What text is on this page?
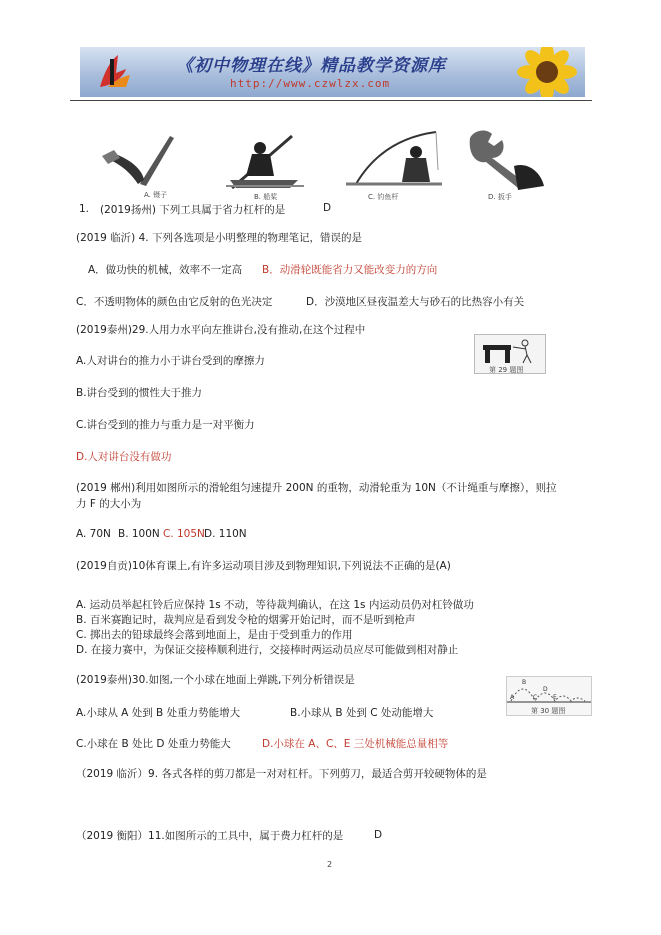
《初中物理在线》精品教学资源库
http://www.czwlzx.com
A. 镊子	B. 船桨	C. 钓鱼杆	D. 扳手
1. (2019扬州) 下列工具属于省力杠杆的是	D
(2019 临沂) 4. 下列各选项是小明整理的物理笔记，错误的是
A．做功快的机械，效率不一定高 B．动滑轮既能省力又能改变力的方向
C．不透明物体的颜色由它反射的色光决定	D．沙漠地区昼夜温差大与砂石的比热容小有关
(2019泰州)29.人用力水平向左推讲台,没有推动,在这个过程中
第 29 题图
A.人对讲台的推力小于讲台受到的摩擦力
B.讲台受到的惯性大于推力
C.讲台受到的推力与重力是一对平衡力
D.人对讲台没有做功
(2019 郴州)利用如图所示的滑轮组匀速提升 200N 的重物，动滑轮重为 10N（不计绳重与摩擦），则拉
力 F 的大小为
A. 70N B. 100N C. 105N D. 110N
(2019自贡)10体育课上,有许多运动项目涉及到物理知识,下列说法不正确的是(A)
A. 运动员举起杠铃后应保持 1s 不动，等待裁判确认，在这 1s 内运动员仍对杠铃做功
B. 百米赛跑记时，裁判应是看到发令枪的烟雾开始记时，而不是听到枪声
C. 掷出去的铅球最终会落到地面上，是由于受到重力的作用
D. 在接力赛中，为保证交接棒顺利进行，交接棒时两运动员应尽可能做到相对静止
(2019泰州)30.如图,一个小球在地面上弹跳,下列分析错误是
A
B
C
D
E
第 30 题图
A.小球从 A 处到 B 处重力势能增大	B.小球从 B 处到 C 处动能增大
C.小球在 B 处比 D 处重力势能大	D.小球在 A、C、E 三处机械能总量相等
（2019 临沂）9. 各式各样的剪刀都是一对对杠杆。下列剪刀，最适合剪开较硬物体的是
（2019 衡阳）11.如图所示的工具中，属于费力杠杆的是	D
2
